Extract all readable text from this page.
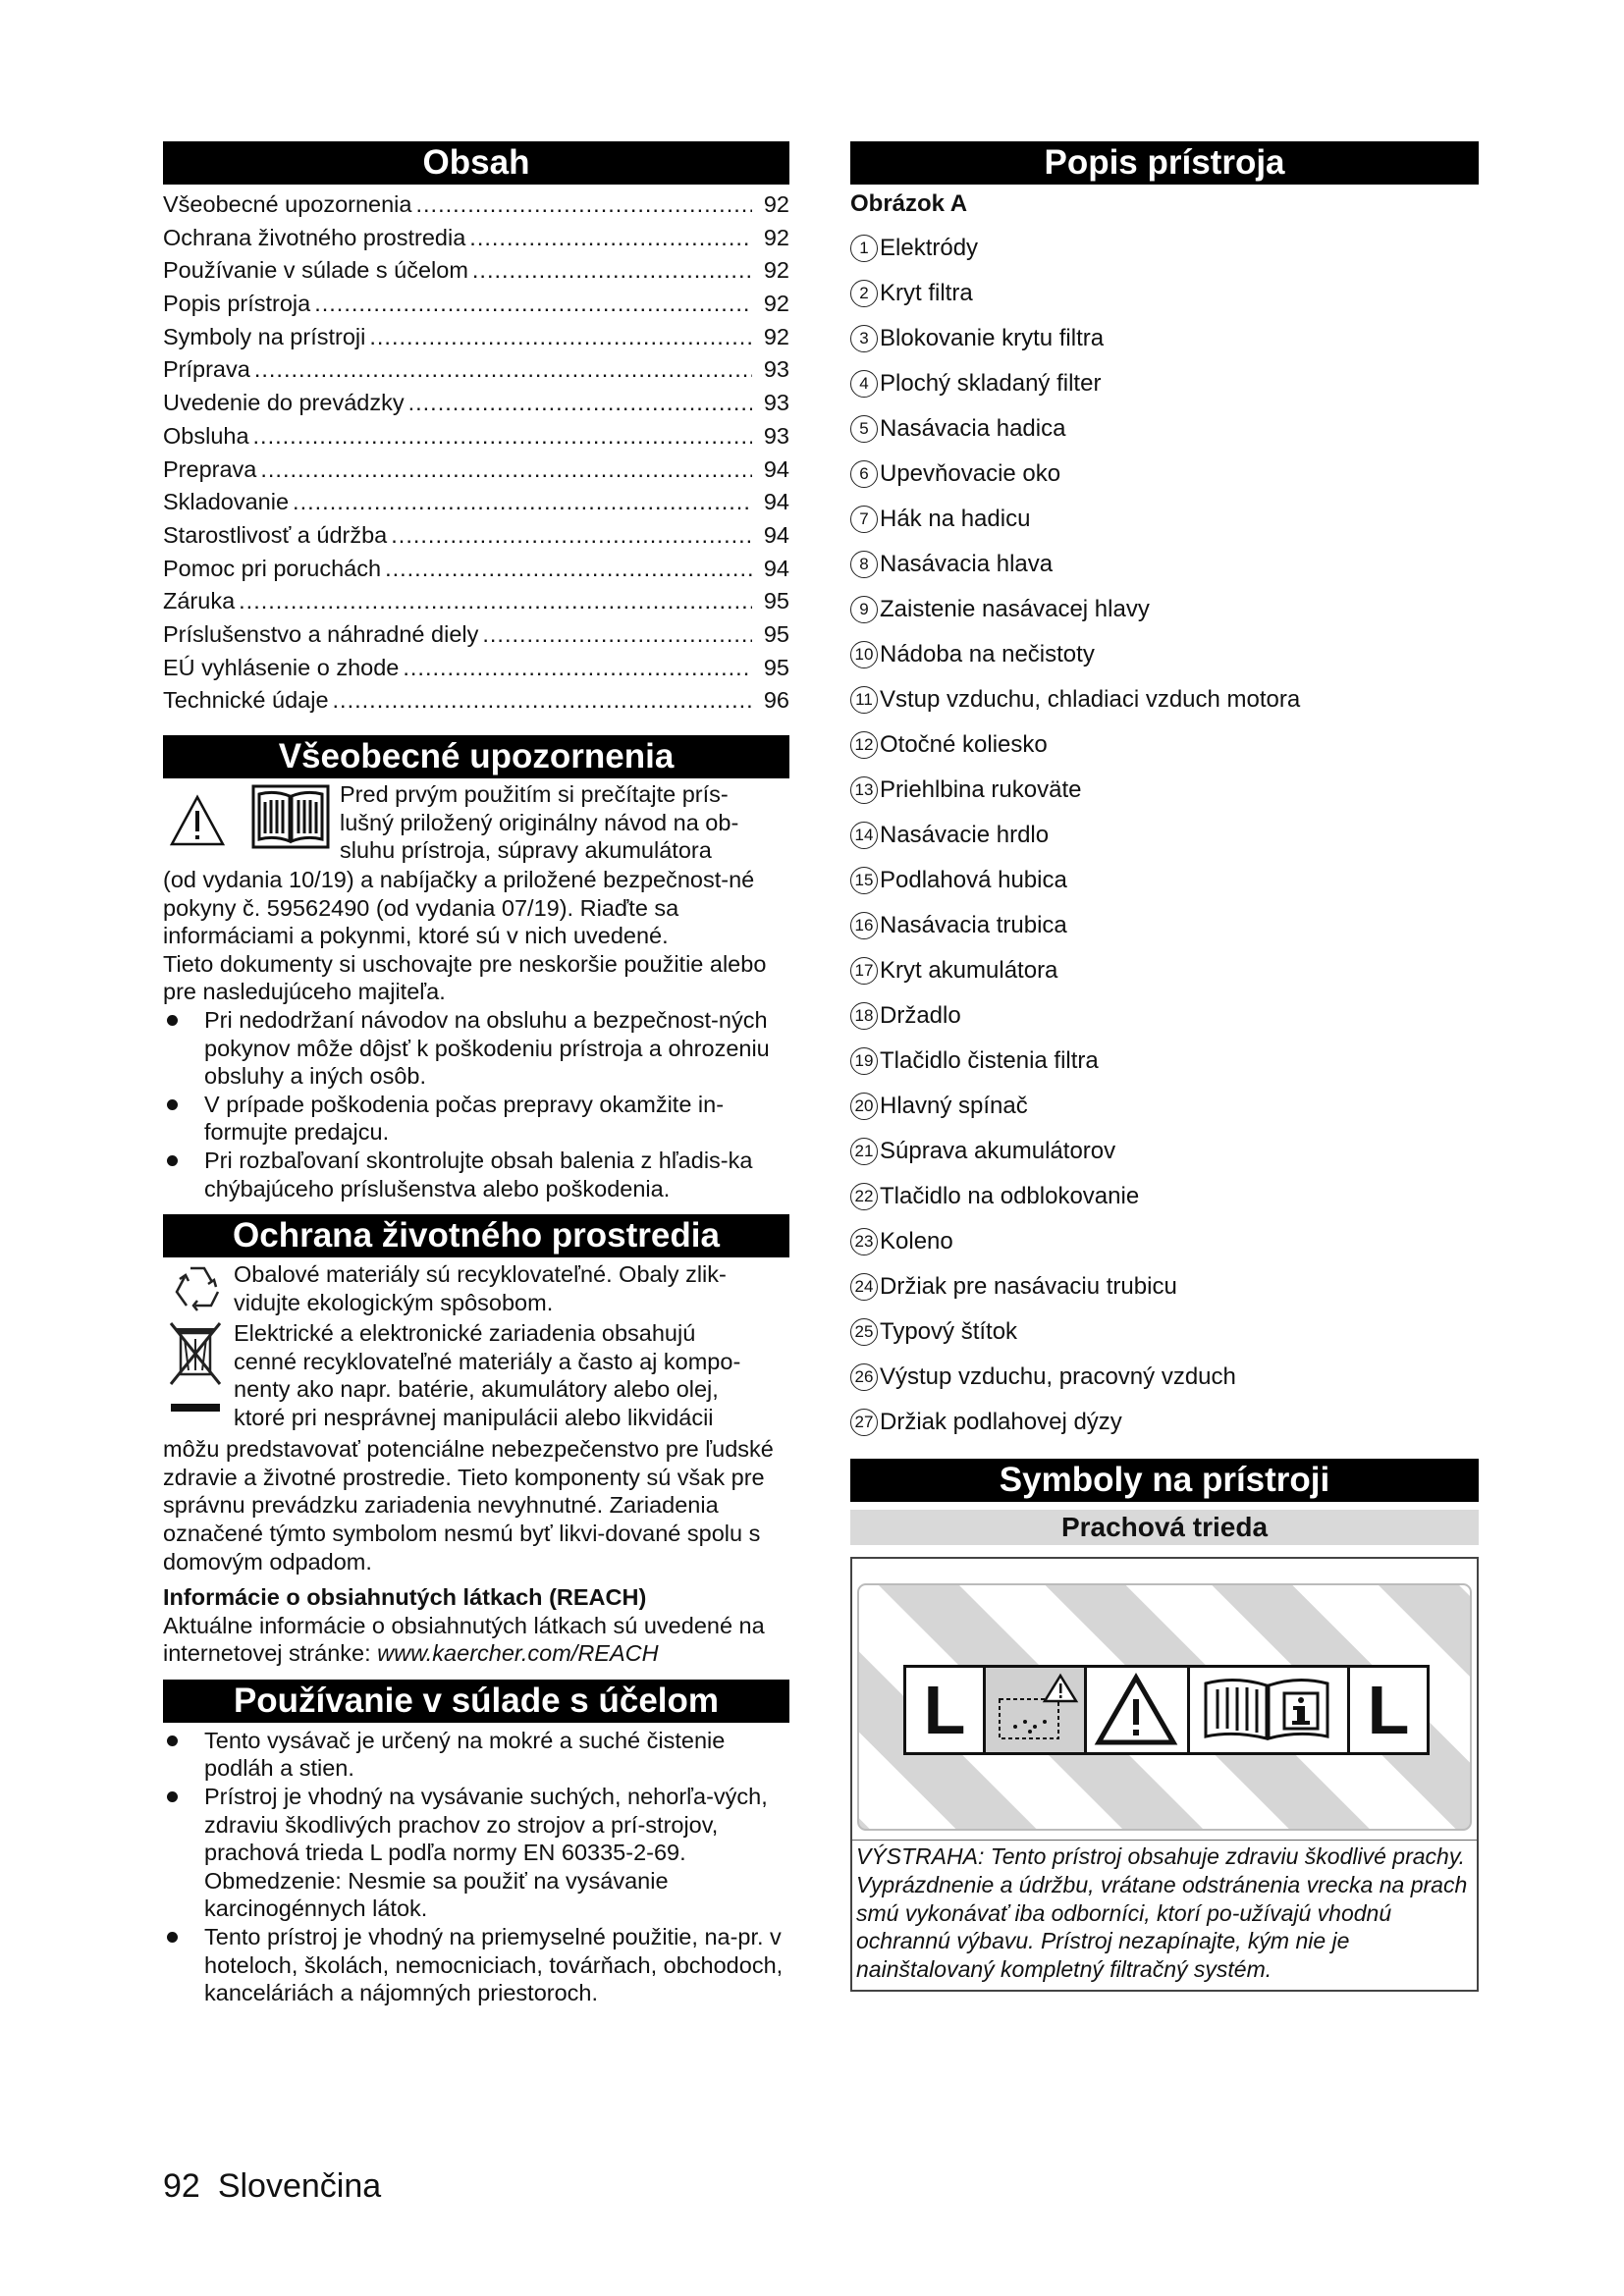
Obsah
Všeobecné upozornenia .....	92
Ochrana životného prostredia .....	92
Používanie v súlade s účelom .....	92
Popis prístroja .....	92
Symboly na prístroji .....	92
Príprava .....	93
Uvedenie do prevádzky .....	93
Obsluha .....	93
Preprava .....	94
Skladovanie .....	94
Starostlivosť a údržba .....	94
Pomoc pri poruchách .....	94
Záruka .....	95
Príslušenstvo a náhradné diely .....	95
EÚ vyhlásenie o zhode .....	95
Technické údaje .....	96
Všeobecné upozornenia
Pred prvým použitím si prečítajte prís-
lušný priložený originálny návod na ob-
sluhu prístroja, súpravy akumulátora

(od vydania 10/19) a nabíjačky a priložené bezpečnost-né pokyny č. 59562490 (od vydania 07/19). Riaďte sa informáciami a pokynmi, ktoré sú v nich uvedené.

Tieto dokumenty si uschovajte pre neskoršie použitie alebo pre nasledujúceho majiteľa.

Pri nedodržaní návodov na obsluhu a bezpečnost-ných pokynov môže dôjsť k poškodeniu prístroja a ohrozeniu obsluhy a iných osôb.
V prípade poškodenia počas prepravy okamžite in-formujte predajcu.
Pri rozbaľovaní skontrolujte obsah balenia z hľadis-ka chýbajúceho príslušenstva alebo poškodenia.
Ochrana životného prostredia
Obalové materiály sú recyklovateľné. Obaly zlik-
vidujte ekologickým spôsobom.
Elektrické a elektronické zariadenia obsahujú
cenné recyklovateľné materiály a často aj kompo-
nenty ako napr. batérie, akumulátory alebo olej,
ktoré pri nesprávnej manipulácii alebo likvidácii

môžu predstavovať potenciálne nebezpečenstvo pre ľudské zdravie a životné prostredie. Tieto komponenty sú však pre správnu prevádzku zariadenia nevyhnutné. Zariadenia označené týmto symbolom nesmú byť likvi-dované spolu s domovým odpadom.

Informácie o obsiahnutých látkach (REACH)

Aktuálne informácie o obsiahnutých látkach sú uvedené na internetovej stránke: www.kaercher.com/REACH

Používanie v súlade s účelom
Tento vysávač je určený na mokré a suché čistenie podláh a stien.
Prístroj je vhodný na vysávanie suchých, nehorľa-vých, zdraviu škodlivých prachov zo strojov a prí-strojov, prachová trieda L podľa normy EN 60335-2-69. Obmedzenie: Nesmie sa použiť na vysávanie karcinogénnych látok.
Tento prístroj je vhodný na priemyselné použitie, na-pr. v hoteloch, školách, nemocniciach, továrňach, obchodoch, kanceláriách a nájomných priestoroch.
Popis prístroja
Obrázok A
1 Elektródy
2 Kryt filtra
3 Blokovanie krytu filtra
4 Plochý skladaný filter
5 Nasávacia hadica
6 Upevňovacie oko
7 Hák na hadicu
8 Nasávacia hlava
9 Zaistenie nasávacej hlavy
10 Nádoba na nečistoty
11 Vstup vzduchu, chladiaci vzduch motora
12 Otočné koliesko
13 Priehlbina rukoväte
14 Nasávacie hrdlo
15 Podlahová hubica
16 Nasávacia trubica
17 Kryt akumulátora
18 Držadlo
19 Tlačidlo čistenia filtra
20 Hlavný spínač
21 Súprava akumulátorov
22 Tlačidlo na odblokovanie
23 Koleno
24 Držiak pre nasávaciu trubicu
25 Typový štítok
26 Výstup vzduchu, pracovný vzduch
27 Držiak podlahovej dýzy
Symboly na prístroji
Prachová trieda
L	L
VÝSTRAHA: Tento prístroj obsahuje zdraviu škodlivé prachy. Vyprázdnenie a údržbu, vrátane odstránenia vrecka na prach smú vykonávať iba odborníci, ktorí po-užívajú vhodnú ochrannú výbavu. Prístroj nezapínajte, kým nie je nainštalovaný kompletný filtračný systém.
92 Slovenčina
